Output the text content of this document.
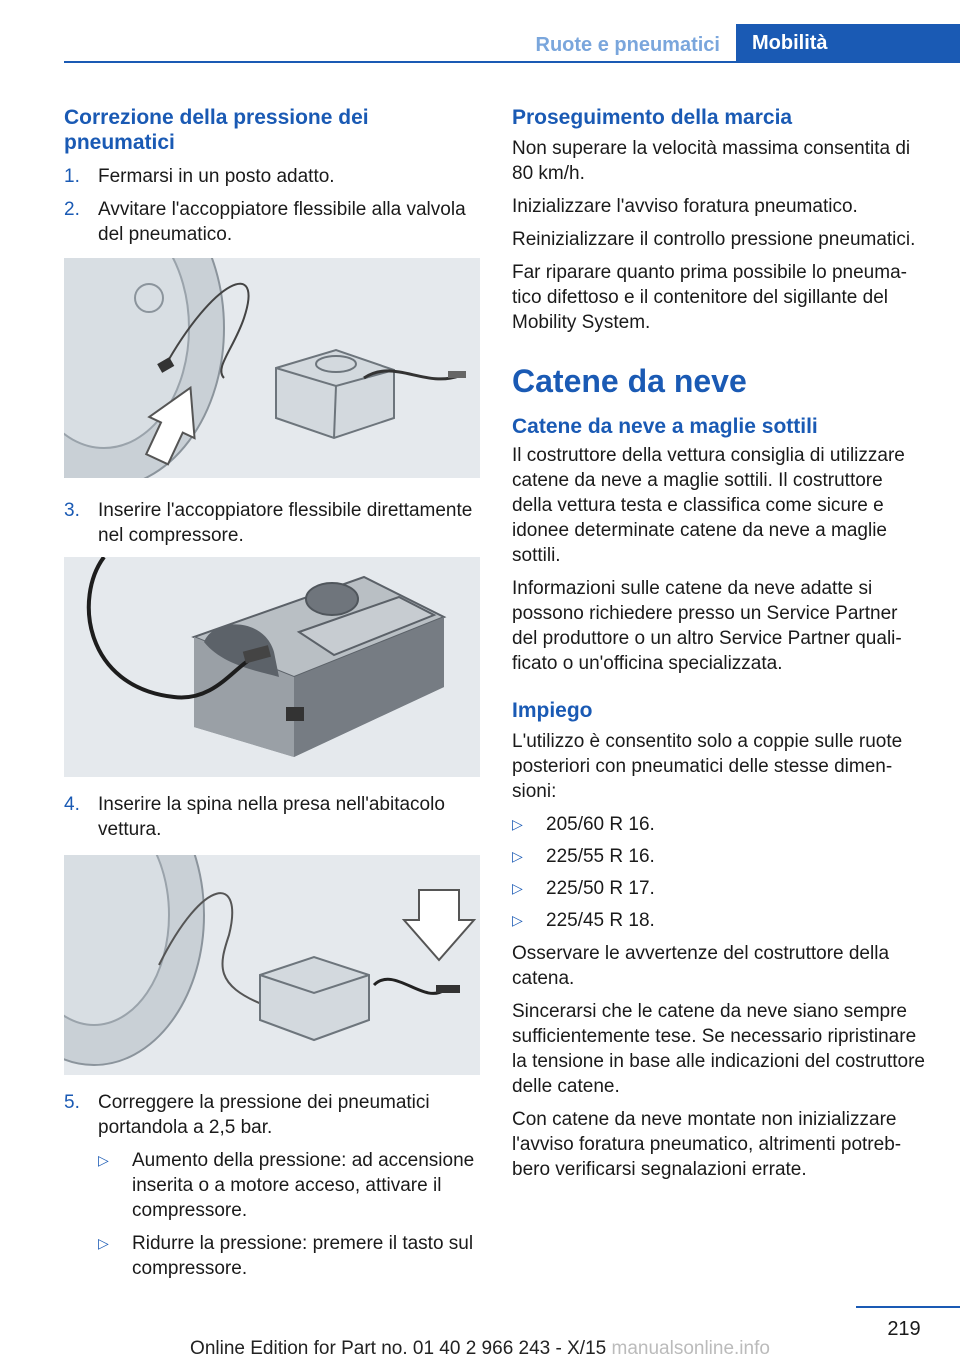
Ruote e pneumatici	Mobilità
Correzione della pressione dei pneumatici
1. Fermarsi in un posto adatto.
2. Avvitare l'accoppiatore flessibile alla valvola del pneumatico.
3. Inserire l'accoppiatore flessibile direttamente nel compressore.
4. Inserire la spina nella presa nell'abitacolo vettura.
5. Correggere la pressione dei pneumatici portandola a 2,5 bar.
▷	Aumento della pressione: ad accensione inserita o a motore acceso, attivare il compressore.
▷	Ridurre la pressione: premere il tasto sul compressore.
Proseguimento della marcia

Non superare la velocità massima consentita di 80 km/h.

Inizializzare l'avviso foratura pneumatico.

Reinizializzare il controllo pressione pneumatici.

Far riparare quanto prima possibile lo pneumatico difettoso e il contenitore del sigillante del Mobility System.

Catene da neve
Catene da neve a maglie sottili

Il costruttore della vettura consiglia di utilizzare catene da neve a maglie sottili. Il costruttore della vettura testa e classifica come sicure e idonee determinate catene da neve a maglie sottili.

Informazioni sulle catene da neve adatte si possono richiedere presso un Service Partner del produttore o un altro Service Partner qualificato o un'officina specializzata.

Impiego

L'utilizzo è consentito solo a coppie sulle ruote posteriori con pneumatici delle stesse dimensioni:

▷	205/60 R 16.
▷	225/55 R 16.
▷	225/50 R 17.
▷	225/45 R 18.

Osservare le avvertenze del costruttore della catena.

Sincerarsi che le catene da neve siano sempre sufficientemente tese. Se necessario ripristinare la tensione in base alle indicazioni del costruttore delle catene.

Con catene da neve montate non inizializzare l'avviso foratura pneumatico, altrimenti potrebbero verificarsi segnalazioni errate.

219
Online Edition for Part no. 01 40 2 966 243 - X/15 manualsonline.info
